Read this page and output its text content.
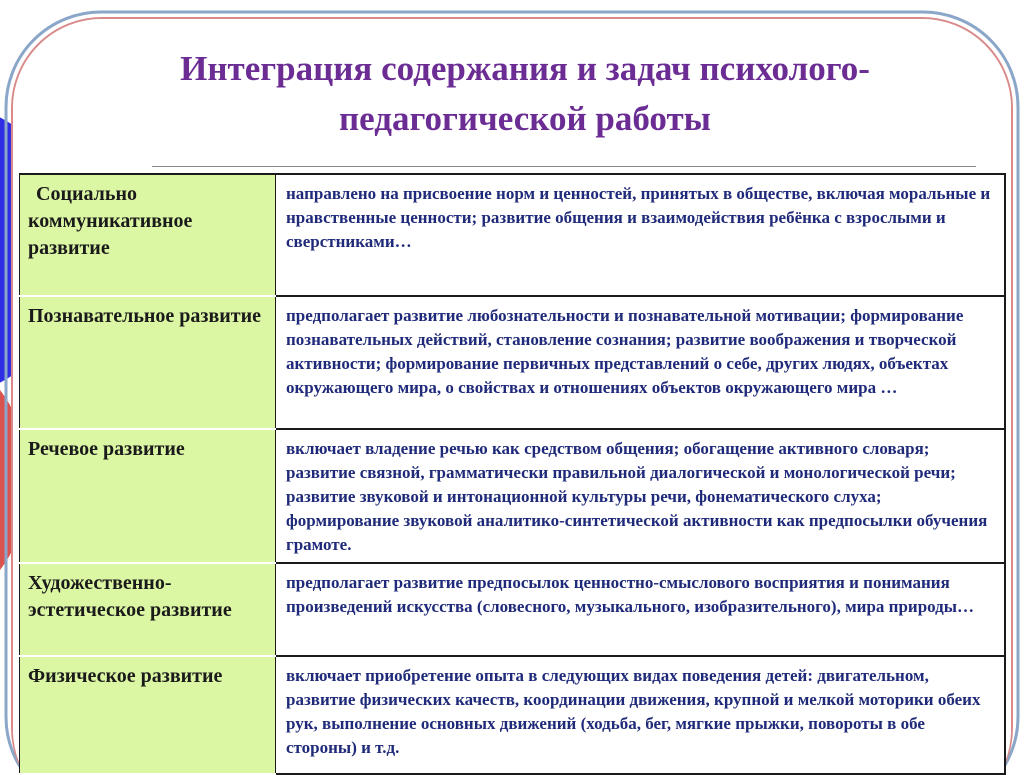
Интеграция содержания и задач психолого-
педагогической работы
Социально коммуникативное развитие	направлено на присвоение норм и ценностей, принятых в обществе, включая моральные и нравственные ценности; развитие общения и взаимодействия ребёнка с взрослыми и сверстниками…
Познавательное развитие	предполагает развитие любознательности и познавательной мотивации; формирование познавательных действий, становление сознания; развитие воображения и творческой активности; формирование первичных представлений о себе, других людях, объектах окружающего мира, о свойствах и отношениях объектов окружающего мира …
Речевое развитие	включает владение речью как средством общения; обогащение активного словаря; развитие связной, грамматически правильной диалогической и монологической речи; развитие звуковой и интонационной культуры речи, фонематического слуха; формирование звуковой аналитико-синтетической активности как предпосылки обучения грамоте.
Художественно-эстетическое развитие	предполагает развитие предпосылок ценностно-смыслового восприятия и понимания произведений искусства (словесного, музыкального, изобразительного), мира природы…
Физическое развитие	включает приобретение опыта в следующих видах поведения детей: двигательном, развитие физических качеств, координации движения, крупной и мелкой моторики обеих рук, выполнение основных движений (ходьба, бег, мягкие прыжки, повороты в обе стороны) и т.д.
